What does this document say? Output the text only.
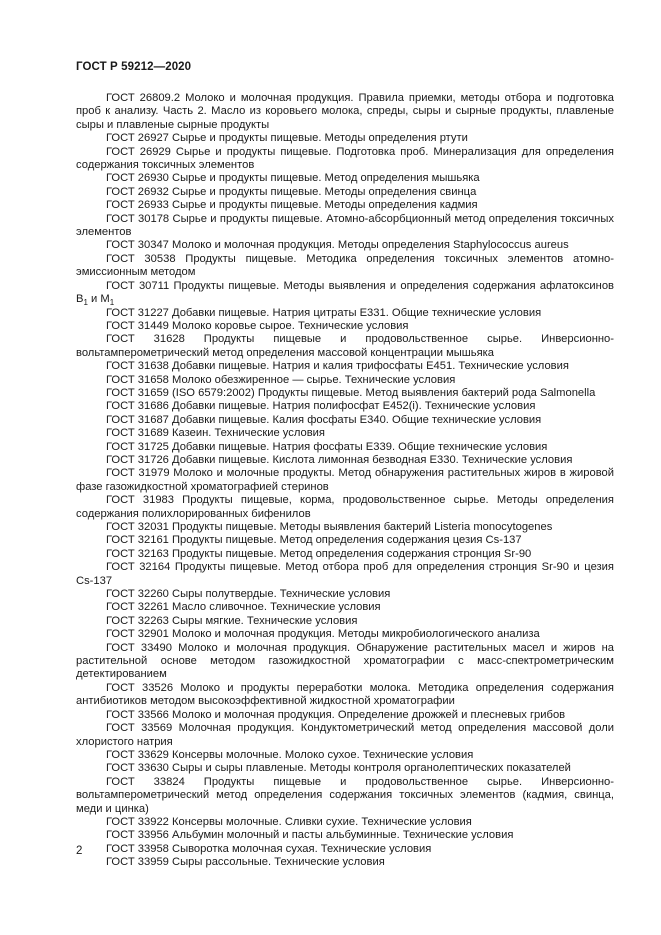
ГОСТ Р 59212—2020

ГОСТ 26809.2 Молоко и молочная продукция. Правила приемки, методы отбора и подготовка проб к анализу. Часть 2. Масло из коровьего молока, спреды, сыры и сырные продукты, плавленые сыры и плавленые сырные продукты

ГОСТ 26927 Сырье и продукты пищевые. Методы определения ртути

ГОСТ 26929 Сырье и продукты пищевые. Подготовка проб. Минерализация для определения содержания токсичных элементов

ГОСТ 26930 Сырье и продукты пищевые. Метод определения мышьяка

ГОСТ 26932 Сырье и продукты пищевые. Методы определения свинца

ГОСТ 26933 Сырье и продукты пищевые. Методы определения кадмия

ГОСТ 30178 Сырье и продукты пищевые. Атомно-абсорбционный метод определения токсичных элементов

ГОСТ 30347 Молоко и молочная продукция. Методы определения Staphylococcus aureus

ГОСТ 30538 Продукты пищевые. Методика определения токсичных элементов атомно-эмиссионным методом

ГОСТ 30711 Продукты пищевые. Методы выявления и определения содержания афлатоксинов $B_1$ и $M_1$

ГОСТ 31227 Добавки пищевые. Натрия цитраты Е331. Общие технические условия

ГОСТ 31449 Молоко коровье сырое. Технические условия

ГОСТ 31628 Продукты пищевые и продовольственное сырье. Инверсионно-вольтамперометрический метод определения массовой концентрации мышьяка

ГОСТ 31638 Добавки пищевые. Натрия и калия трифосфаты Е451. Технические условия

ГОСТ 31658 Молоко обезжиренное — сырье. Технические условия

ГОСТ 31659 (ISO 6579:2002) Продукты пищевые. Метод выявления бактерий рода Salmonella

ГОСТ 31686 Добавки пищевые. Натрия полифосфат Е452(i). Технические условия

ГОСТ 31687 Добавки пищевые. Калия фосфаты Е340. Общие технические условия

ГОСТ 31689 Казеин. Технические условия

ГОСТ 31725 Добавки пищевые. Натрия фосфаты Е339. Общие технические условия

ГОСТ 31726 Добавки пищевые. Кислота лимонная безводная Е330. Технические условия

ГОСТ 31979 Молоко и молочные продукты. Метод обнаружения растительных жиров в жировой фазе газожидкостной хроматографией стеринов

ГОСТ 31983 Продукты пищевые, корма, продовольственное сырье. Методы определения содержания полихлорированных бифенилов

ГОСТ 32031 Продукты пищевые. Методы выявления бактерий Listeria monocytogenes

ГОСТ 32161 Продукты пищевые. Метод определения содержания цезия Cs-137

ГОСТ 32163 Продукты пищевые. Метод определения содержания стронция Sr-90

ГОСТ 32164 Продукты пищевые. Метод отбора проб для определения стронция Sr-90 и цезия Cs-137

ГОСТ 32260 Сыры полутвердые. Технические условия

ГОСТ 32261 Масло сливочное. Технические условия

ГОСТ 32263 Сыры мягкие. Технические условия

ГОСТ 32901 Молоко и молочная продукция. Методы микробиологического анализа

ГОСТ 33490 Молоко и молочная продукция. Обнаружение растительных масел и жиров на растительной основе методом газожидкостной хроматографии с масс-спектрометрическим детектированием

ГОСТ 33526 Молоко и продукты переработки молока. Методика определения содержания антибиотиков методом высокоэффективной жидкостной хроматографии

ГОСТ 33566 Молоко и молочная продукция. Определение дрожжей и плесневых грибов

ГОСТ 33569 Молочная продукция. Кондуктометрический метод определения массовой доли хлористого натрия

ГОСТ 33629 Консервы молочные. Молоко сухое. Технические условия

ГОСТ 33630 Сыры и сыры плавленые. Методы контроля органолептических показателей

ГОСТ 33824 Продукты пищевые и продовольственное сырье. Инверсионно-вольтамперометрический метод определения содержания токсичных элементов (кадмия, свинца, меди и цинка)

ГОСТ 33922 Консервы молочные. Сливки сухие. Технические условия

ГОСТ 33956 Альбумин молочный и пасты альбуминные. Технические условия

ГОСТ 33958 Сыворотка молочная сухая. Технические условия

ГОСТ 33959 Сыры рассольные. Технические условия

2
